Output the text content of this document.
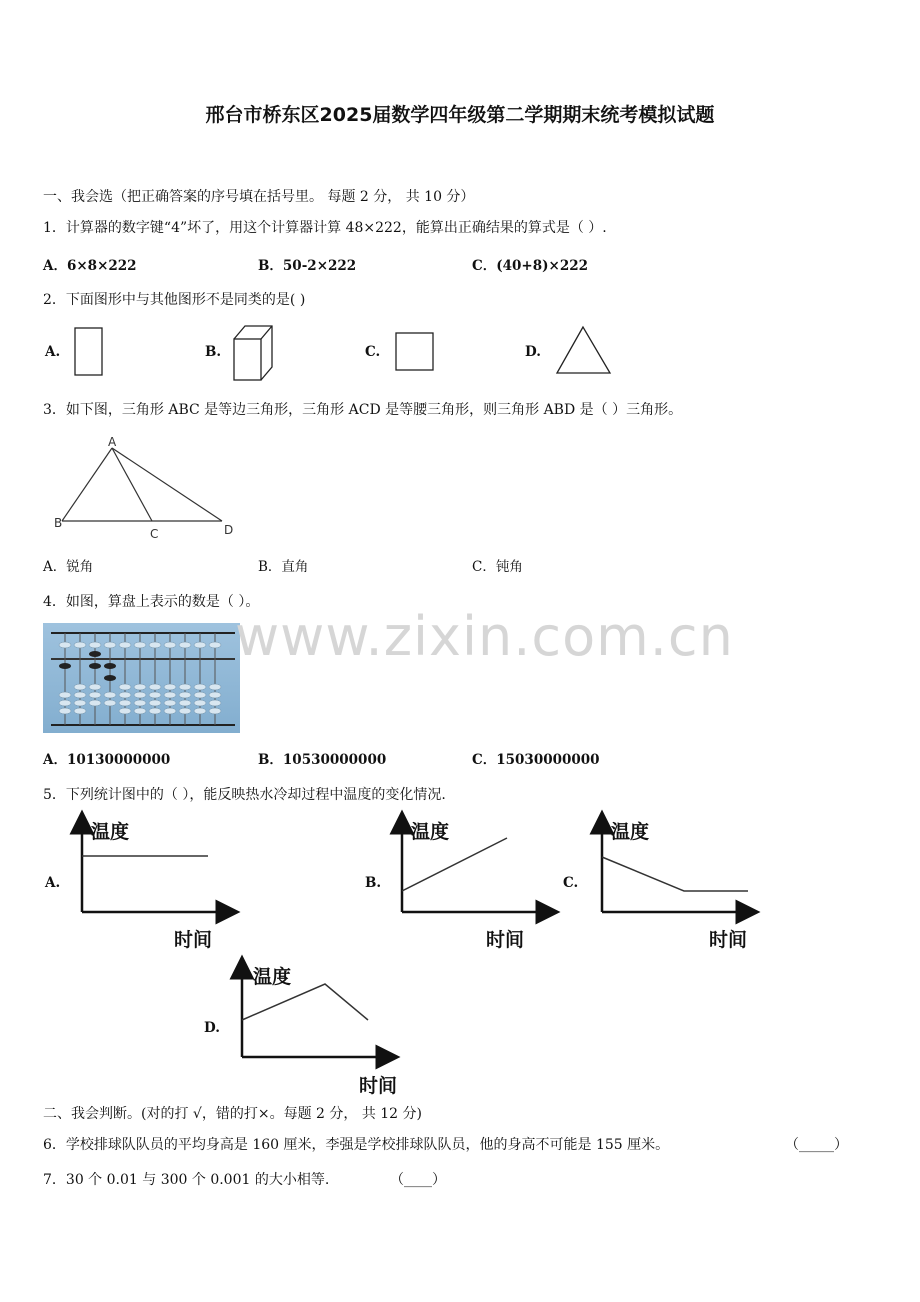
邢台市桥东区2025届数学四年级第二学期期末统考模拟试题
一、我会选（把正确答案的序号填在括号里。 每题 2 分， 共 10 分）
1．计算器的数字键“4”坏了，用这个计算器计算 48×222，能算出正确结果的算式是（ ）.
A．6×8×222	B．50-2×222	C．(40+8)×222
2．下面图形中与其他图形不是同类的是( )
A.	B.	C.	D.
3．如下图，三角形 ABC 是等边三角形，三角形 ACD 是等腰三角形，则三角形 ABD 是（ ）三角形。
A
B
C	D
A．锐角	B．直角	C．钝角
4．如图，算盘上表示的数是（ ）。
A．10130000000	B．10530000000	C．15030000000
www.zixin.com.cn
5．下列统计图中的（ ），能反映热水冷却过程中温度的变化情况.
A.	B.	C.
D.
温度
时间
温度
时间
温度
时间
温度
时间
二、我会判断。(对的打 √，错的打×。每题 2 分， 共 12 分)
6．学校排球队队员的平均身高是 160 厘米，李强是学校排球队队员，他的身高不可能是 155 厘米。	（_____）
7．30 个 0.01 与 300 个 0.001 的大小相等.	（____）
